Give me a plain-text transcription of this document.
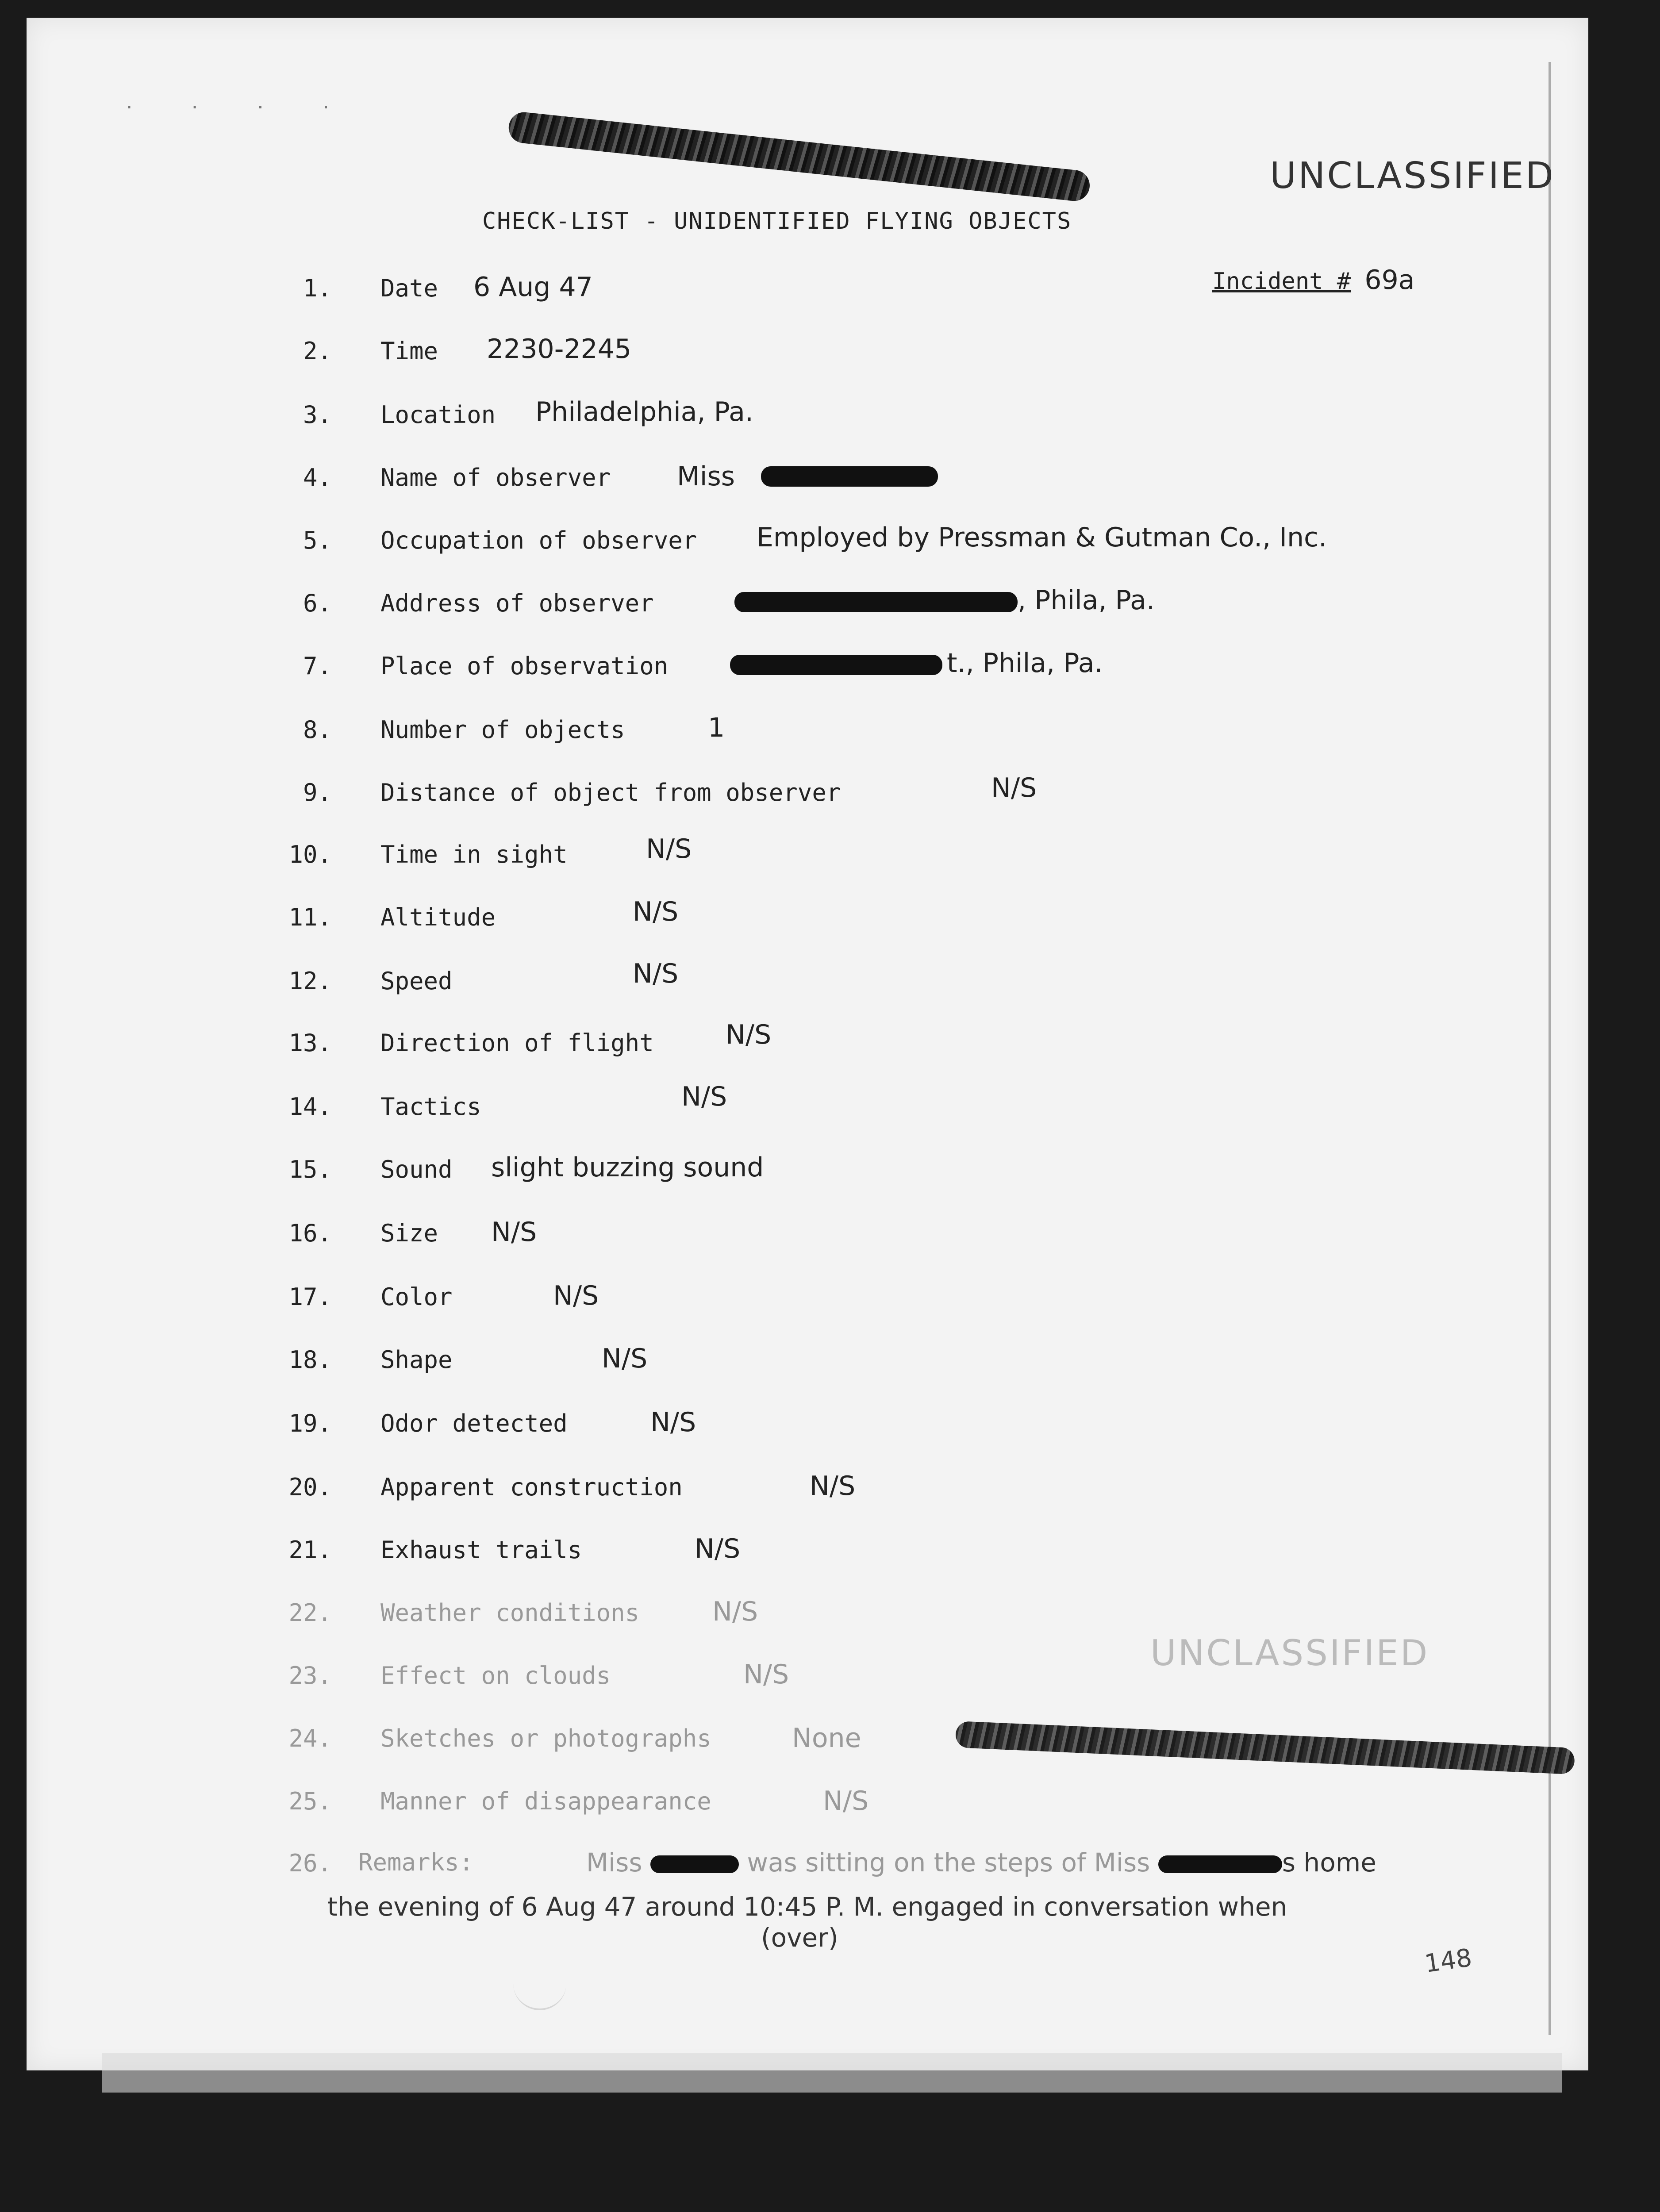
· · · ·
UNCLASSIFIED
CHECK-LIST - UNIDENTIFIED FLYING OBJECTS
Incident # 69a
1. Date 6 Aug 47
2. Time 2230-2245
3. Location Philadelphia, Pa.
4. Name of observer Miss
5. Occupation of observer Employed by Pressman & Gutman Co., Inc.
6. Address of observer	, Phila, Pa.
7. Place of observation	t., Phila, Pa.
8. Number of objects	1
9. Distance of object from observer	N/S
10. Time in sight	N/S
11. Altitude	N/S
12. Speed	N/S
13. Direction of flight	N/S
14. Tactics	N/S
15. Sound slight buzzing sound
16. Size N/S
17. Color	N/S
18. Shape	N/S
19. Odor detected	N/S
20. Apparent construction	N/S
21. Exhaust trails	N/S
22. Weather conditions	N/S
23. Effect on clouds	N/S
24. Sketches or photographs	None
25. Manner of disappearance	N/S
26.
UNCLASSIFIED
Remarks:	Miss	was sitting on the steps of Miss	s home
the evening of 6 Aug 47 around 10:45 P. M. engaged in conversation when
(over)
148
